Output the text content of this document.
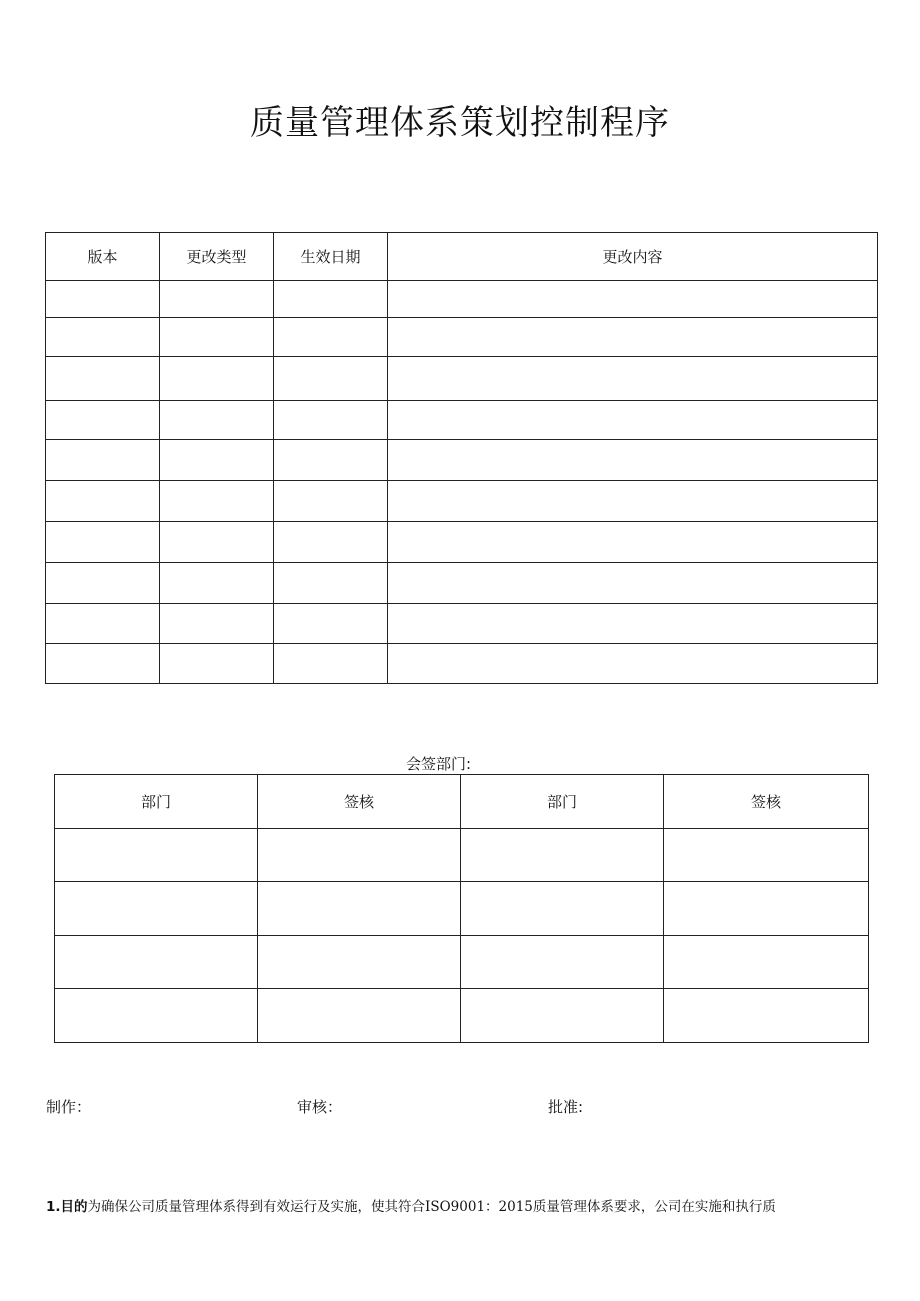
质量管理体系策划控制程序
版本	更改类型	生效日期	更改内容

会签部门:
部门	签核	部门	签核

制作：	审核：	批准:
1.目的为确保公司质量管理体系得到有效运行及实施，使其符合ISO9001：2015质量管理体系要求，公司在实施和执行质
